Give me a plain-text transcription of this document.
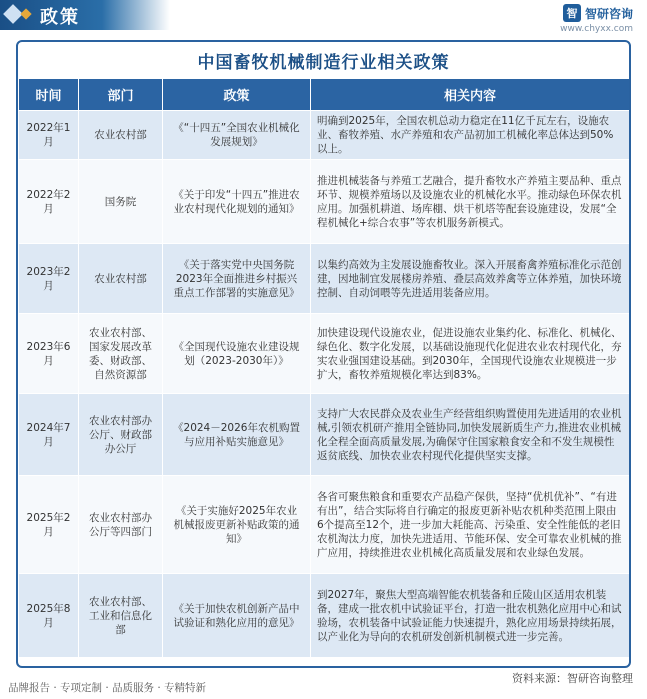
政策	智 智研咨询
www.chyxx.com
中国畜牧机械制造行业相关政策
时间	部门	政策	相关内容
2022年1月	农业农村部	《“十四五”全国农业机械化发展规划》	明确到2025年，全国农机总动力稳定在11亿千瓦左右，设施农业、畜牧养殖、水产养殖和农产品初加工机械化率总体达到50%以上。
2022年2月	国务院	《关于印发“十四五”推进农业农村现代化规划的通知》	推进机械装备与养殖工艺融合，提升畜牧水产养殖主要品种、重点环节、规模养殖场以及设施农业的机械化水平。推动绿色环保农机应用。加强机耕道、场库棚、烘干机塔等配套设施建设，发展“全程机械化+综合农事”等农机服务新模式。
2023年2月	农业农村部	《关于落实党中央国务院2023年全面推进乡村振兴重点工作部署的实施意见》	以集约高效为主发展设施畜牧业。深入开展畜禽养殖标准化示范创建，因地制宜发展楼房养殖、叠层高效养禽等立体养殖，加快环境控制、自动饲喂等先进适用装备应用。
2023年6月	农业农村部、国家发展改革委、财政部、自然资源部	《全国现代设施农业建设规划（2023-2030年）》	加快建设现代设施农业，促进设施农业集约化、标准化、机械化、绿色化、数字化发展，以基础设施现代化促进农业农村现代化，夯实农业强国建设基础。到2030年，全国现代设施农业规模进一步扩大，畜牧养殖规模化率达到83%。
2024年7月	农业农村部办公厅、财政部办公厅	《2024－2026年农机购置与应用补贴实施意见》	支持广大农民群众及农业生产经营组织购置使用先进适用的农业机械,引领农机研产推用全链协同,加快发展新质生产力,推进农业机械化全程全面高质量发展,为确保守住国家粮食安全和不发生规模性返贫底线、加快农业农村现代化提供坚实支撑。
2025年2月	农业农村部办公厅等四部门	《关于实施好2025年农业机械报废更新补贴政策的通知》	各省可聚焦粮食和重要农产品稳产保供，坚持“优机优补”、“有进有出”，结合实际将自行确定的报废更新补贴农机种类范围上限由6个提高至12个，进一步加大耗能高、污染重、安全性能低的老旧农机淘汰力度，加快先进适用、节能环保、安全可靠农业机械的推广应用，持续推进农业机械化高质量发展和农业绿色发展。
2025年8月	农业农村部、工业和信息化部	《关于加快农机创新产品中试验证和熟化应用的意见》	到2027年，聚焦大型高端智能农机装备和丘陵山区适用农机装备，建成一批农机中试验证平台，打造一批农机熟化应用中心和试验场，农机装备中试验证能力快速提升，熟化应用场景持续拓展，以产业化为导向的农机研发创新机制模式进一步完善。
资料来源：智研咨询整理
品牌报告 · 专项定制 · 品质服务 · 专精特新
